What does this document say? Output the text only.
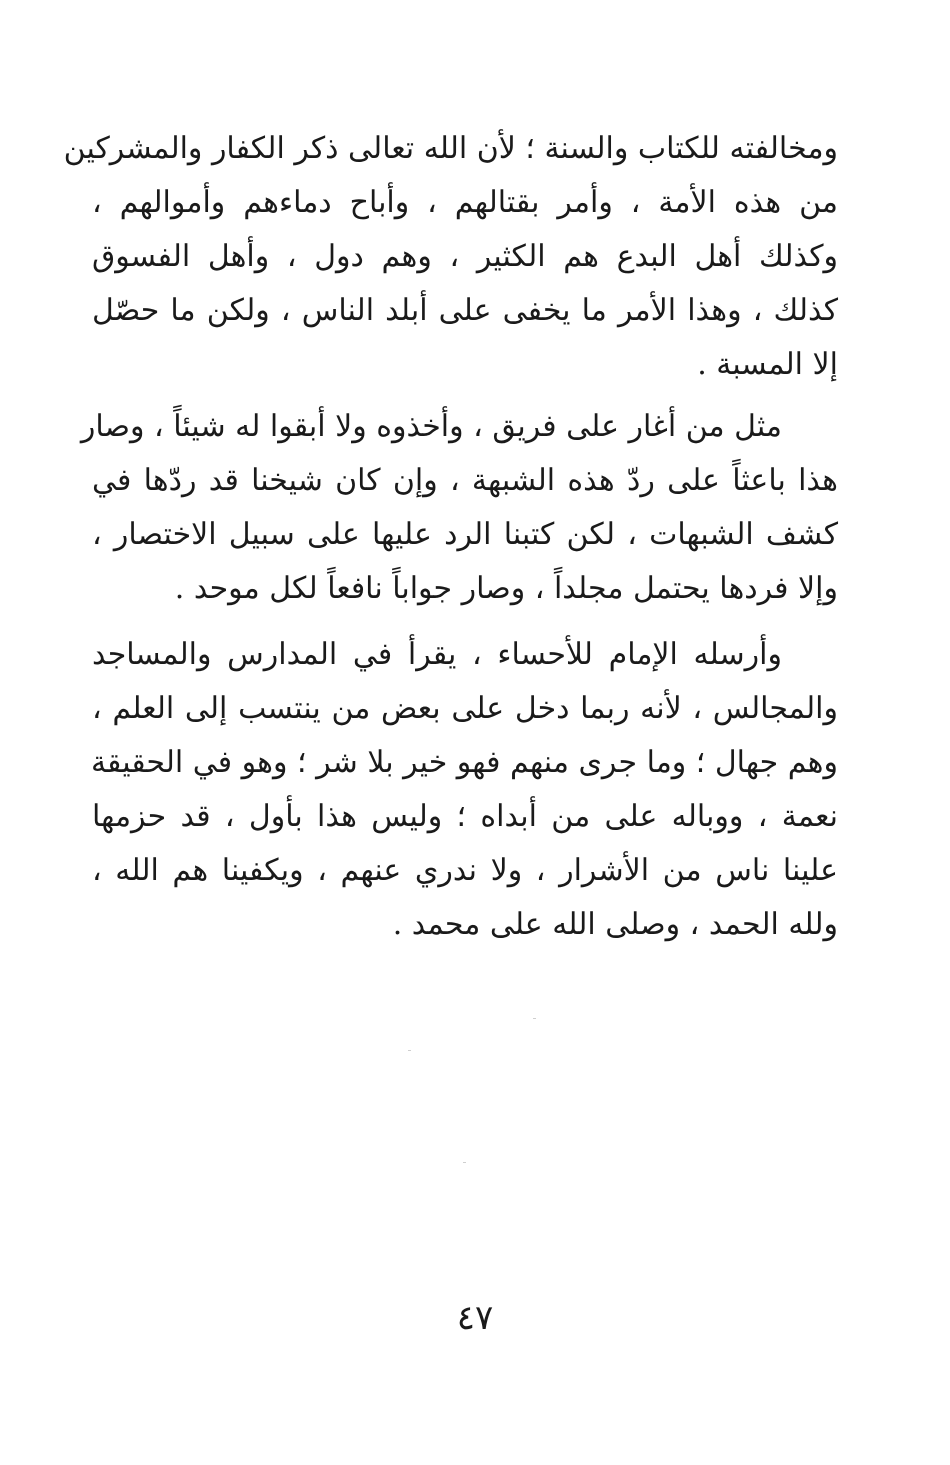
ومخالفته للكتاب والسنة ؛ لأن الله تعالى ذكر الكفار والمشركين
من هذه الأمة ، وأمر بقتالهم ، وأباح دماءهم وأموالهم ،
وكذلك أهل البدع هم الكثير ، وهم دول ، وأهل الفسوق
كذلك ، وهذا الأمر ما يخفى على أبلد الناس ، ولكن ما حصّل
إلا المسبة .
مثل من أغار على فريق ، وأخذوه ولا أبقوا له شيئاً ، وصار
هذا باعثاً على ردّ هذه الشبهة ، وإن كان شيخنا قد ردّها في
كشف الشبهات ، لكن كتبنا الرد عليها على سبيل الاختصار ،
وإلا فردها يحتمل مجلداً ، وصار جواباً نافعاً لكل موحد .
وأرسله الإمام للأحساء ، يقرأ في المدارس والمساجد
والمجالس ، لأنه ربما دخل على بعض من ينتسب إلى العلم ،
وهم جهال ؛ وما جرى منهم فهو خير بلا شر ؛ وهو في الحقيقة
نعمة ، ووباله على من أبداه ؛ وليس هذا بأول ، قد حزمها
علينا ناس من الأشرار ، ولا ندري عنهم ، ويكفينا هم الله ،
ولله الحمد ، وصلى الله على محمد .
٤٧
